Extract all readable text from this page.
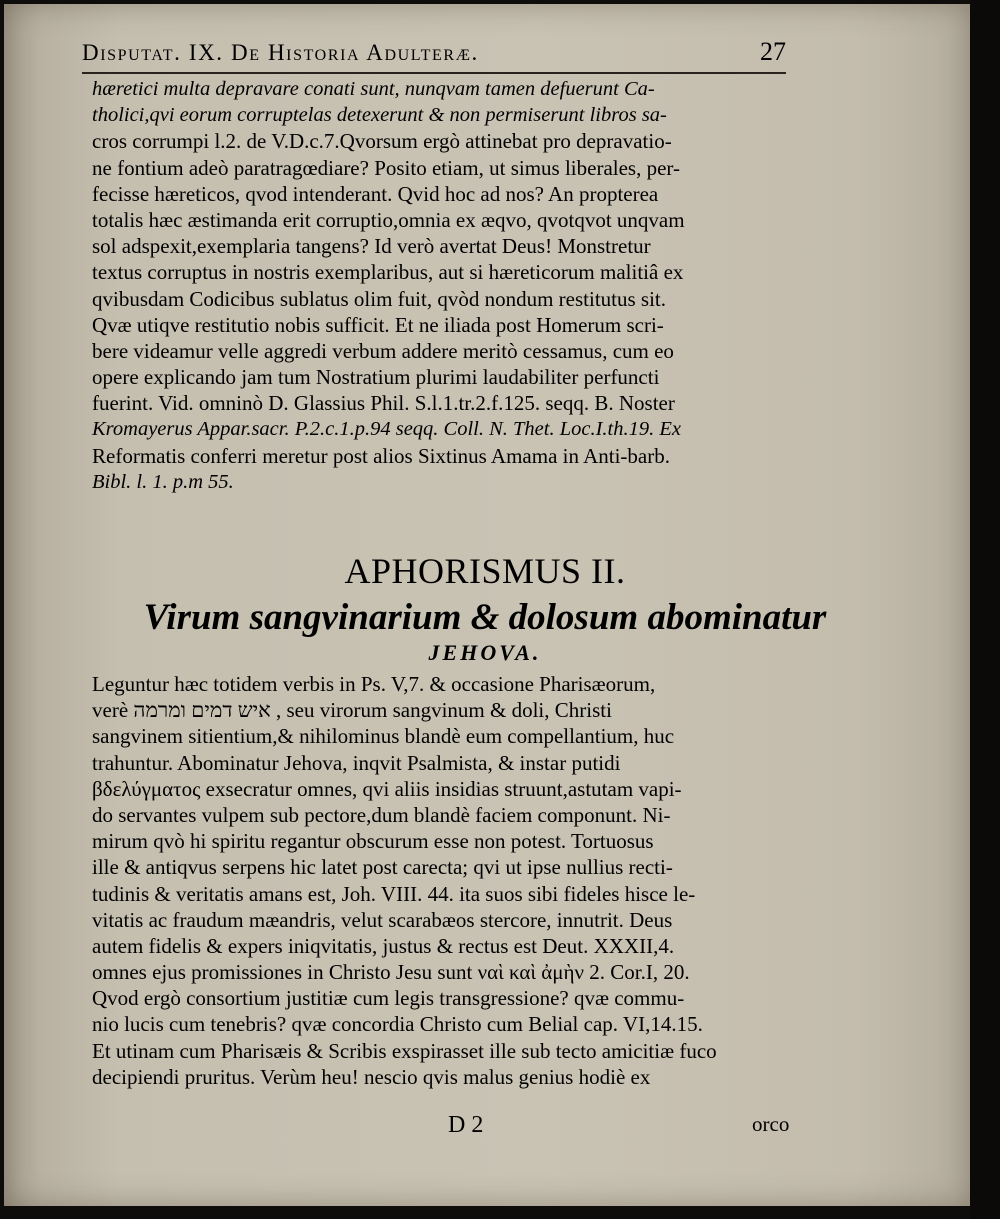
Disputat. IX. De Historia Adulteræ.	27
hæretici multa depravare conati sunt, nunqvam tamen defuerunt Ca-
tholici,qvi eorum corruptelas detexerunt & non permiserunt libros sa-
cros corrumpi l.2. de V.D.c.7.Qvorsum ergò attinebat pro depravatio-
ne fontium adeò paratragœdiare? Posito etiam, ut simus liberales, per-
fecisse hæreticos, qvod intenderant. Qvid hoc ad nos? An propterea
totalis hæc æstimanda erit corruptio,omnia ex æqvo, qvotqvot unqvam
sol adspexit,exemplaria tangens? Id verò avertat Deus! Monstretur
textus corruptus in nostris exemplaribus, aut si hæreticorum malitiâ ex
qvibusdam Codicibus sublatus olim fuit, qvòd nondum restitutus sit.
Qvæ utiqve restitutio nobis sufficit. Et ne iliada post Homerum scri-
bere videamur velle aggredi verbum addere meritò cessamus, cum eo
opere explicando jam tum Nostratium plurimi laudabiliter perfuncti
fuerint. Vid. omninò D. Glassius Phil. S.l.1.tr.2.f.125. seqq. B. Noster
Kromayerus Appar.sacr. P.2.c.1.p.94 seqq. Coll. N. Thet. Loc.I.th.19. Ex
Reformatis conferri meretur post alios Sixtinus Amama in Anti-barb.
Bibl. l. 1. p.m 55.
APHORISMUS II.
Virum sangvinarium & dolosum abominatur
JEHOVA.
Leguntur hæc totidem verbis in Ps. V,7. & occasione Pharisæorum,
verè איש דמים ומרמה , seu virorum sangvinum & doli, Christi
sangvinem sitientium,& nihilominus blandè eum compellantium, huc
trahuntur. Abominatur Jehova, inqvit Psalmista, & instar putidi
βδελύγματος exsecratur omnes, qvi aliis insidias struunt,astutam vapi-
do servantes vulpem sub pectore,dum blandè faciem componunt. Ni-
mirum qvò hi spiritu regantur obscurum esse non potest. Tortuosus
ille & antiqvus serpens hic latet post carecta; qvi ut ipse nullius recti-
tudinis & veritatis amans est, Joh. VIII. 44. ita suos sibi fideles hisce le-
vitatis ac fraudum mæandris, velut scarabæos stercore, innutrit. Deus
autem fidelis & expers iniqvitatis, justus & rectus est Deut. XXXII,4.
omnes ejus promissiones in Christo Jesu sunt ναὶ καὶ ἀμὴν 2. Cor.I, 20.
Qvod ergò consortium justitiæ cum legis transgressione? qvæ commu-
nio lucis cum tenebris? qvæ concordia Christo cum Belial cap. VI,14.15.
Et utinam cum Pharisæis & Scribis exspirasset ille sub tecto amicitiæ fuco
decipiendi pruritus. Verùm heu! nescio qvis malus genius hodiè ex
D 2	orco
